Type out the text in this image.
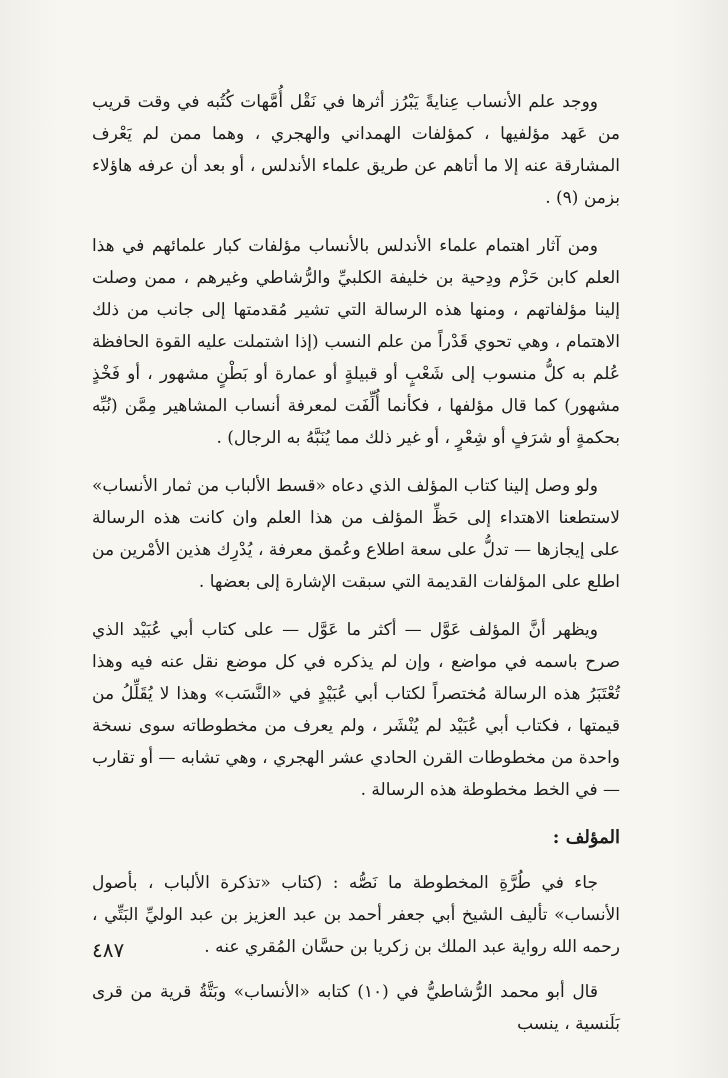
ووجد علم الأنساب عِنايةً يَبْرُز أثرها في نَقْل أُمَّهات كُتُبه في وقت قريب من عَهد مؤلفيها ، كمؤلفات الهمداني والهجري ، وهما ممن لم يَعْرف المشارقة عنه إلا ما أتاهم عن طريق علماء الأندلس ، أو بعد أن عرفه هاؤلاء بزمن (٩) .

ومن آثار اهتمام علماء الأندلس بالأنساب مؤلفات كبار علمائهم في هذا العلم كابن حَزْم ودِحية بن خليفة الكلبيِّ والرُّشاطي وغيرهم ، ممن وصلت إلينا مؤلفاتهم ، ومنها هذه الرسالة التي تشير مُقدمتها إلى جانب من ذلك الاهتمام ، وهي تحوي قَدْراً من علم النسب (إذا اشتملت عليه القوة الحافظة عُلم به كلُّ منسوب إلى شَعْبٍ أو قبيلةٍ أو عمارة أو بَطْنٍ مشهور ، أو فَخْذٍ مشهور) كما قال مؤلفها ، فكأنما أُلِّفَت لمعرفة أنساب المشاهير مِمَّن (نُبِّه بحكمةٍ أو شرَفٍ أو شِعْرٍ ، أو غير ذلك مما يُنَبَّهُ به الرجال) .

ولو وصل إلينا كتاب المؤلف الذي دعاه «قسط الألباب من ثمار الأنساب» لاستطعنا الاهتداء إلى حَظِّ المؤلف من هذا العلم وان كانت هذه الرسالة على إيجازها — تدلُّ على سعة اطلاع وعُمق معرفة ، يُدْرِك هذين الأمْرين من اطلع على المؤلفات القديمة التي سبقت الإشارة إلى بعضها .

ويظهر أنَّ المؤلف عَوَّل — أكثر ما عَوَّل — على كتاب أبي عُبَيْد الذي صرح باسمه في مواضع ، وإن لم يذكره في كل موضع نقل عنه فيه وهذا تُعْتَبَرُ هذه الرسالة مُختصراً لكتاب أبي عُبَيْدٍ في «النَّسَب» وهذا لا يُقَلِّلُ من قيمتها ، فكتاب أبي عُبَيْد لم يُنْشَر ، ولم يعرف من مخطوطاته سوى نسخة واحدة من مخطوطات القرن الحادي عشر الهجري ، وهي تشابه — أو تقارب — في الخط مخطوطة هذه الرسالة .

المؤلف :

جاء في طُرَّةِ المخطوطة ما نَصُّه : (كتاب «تذكرة الألباب ، بأصول الأنساب» تأليف الشيخ أبي جعفر أحمد بن عبد العزيز بن عبد الوليِّ البَتِّي ، رحمه الله رواية عبد الملك بن زكريا بن حسَّان المُقري عنه .

قال أبو محمد الرُّشاطيُّ في (١٠) كتابه «الأنساب» وبَتَّةُ قرية من قرى بَلَنسية ، ينسب

٤٨٧
